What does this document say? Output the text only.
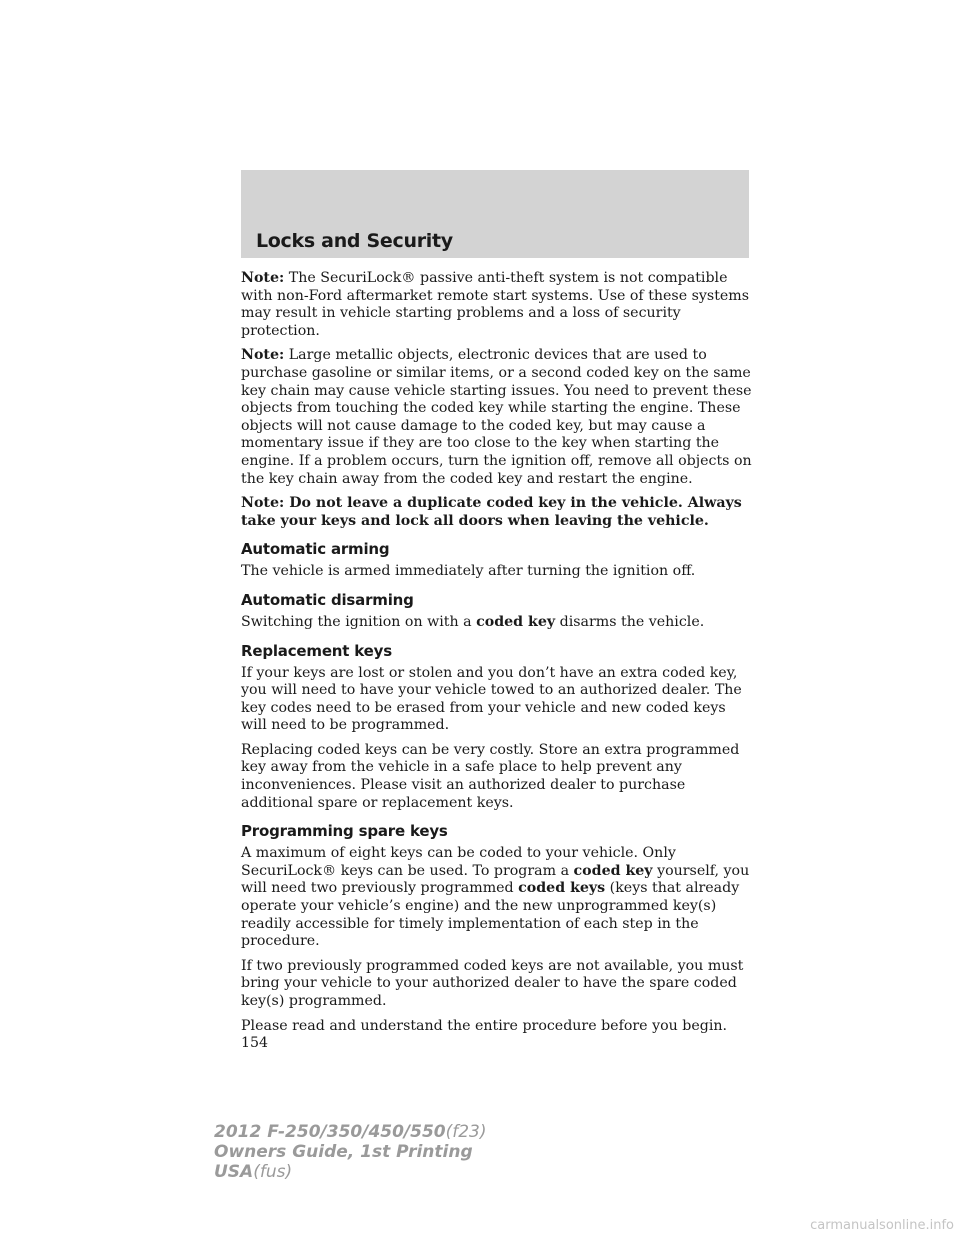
Locks and Security

Note: The SecuriLock® passive anti-theft system is not compatible with non-Ford aftermarket remote start systems. Use of these systems may result in vehicle starting problems and a loss of security protection.

Note: Large metallic objects, electronic devices that are used to purchase gasoline or similar items, or a second coded key on the same key chain may cause vehicle starting issues. You need to prevent these objects from touching the coded key while starting the engine. These objects will not cause damage to the coded key, but may cause a momentary issue if they are too close to the key when starting the engine. If a problem occurs, turn the ignition off, remove all objects on the key chain away from the coded key and restart the engine.

Note: Do not leave a duplicate coded key in the vehicle. Always take your keys and lock all doors when leaving the vehicle.

Automatic arming

The vehicle is armed immediately after turning the ignition off.

Automatic disarming

Switching the ignition on with a coded key disarms the vehicle.

Replacement keys

If your keys are lost or stolen and you don’t have an extra coded key, you will need to have your vehicle towed to an authorized dealer. The key codes need to be erased from your vehicle and new coded keys will need to be programmed.

Replacing coded keys can be very costly. Store an extra programmed key away from the vehicle in a safe place to help prevent any inconveniences. Please visit an authorized dealer to purchase additional spare or replacement keys.

Programming spare keys

A maximum of eight keys can be coded to your vehicle. Only SecuriLock® keys can be used. To program a coded key yourself, you will need two previously programmed coded keys (keys that already operate your vehicle’s engine) and the new unprogrammed key(s) readily accessible for timely implementation of each step in the procedure.

If two previously programmed coded keys are not available, you must bring your vehicle to your authorized dealer to have the spare coded key(s) programmed.

Please read and understand the entire procedure before you begin.

154
2012 F-250/350/450/550(f23)
Owners Guide, 1st Printing
USA(fus)
carmanualsonline.info
